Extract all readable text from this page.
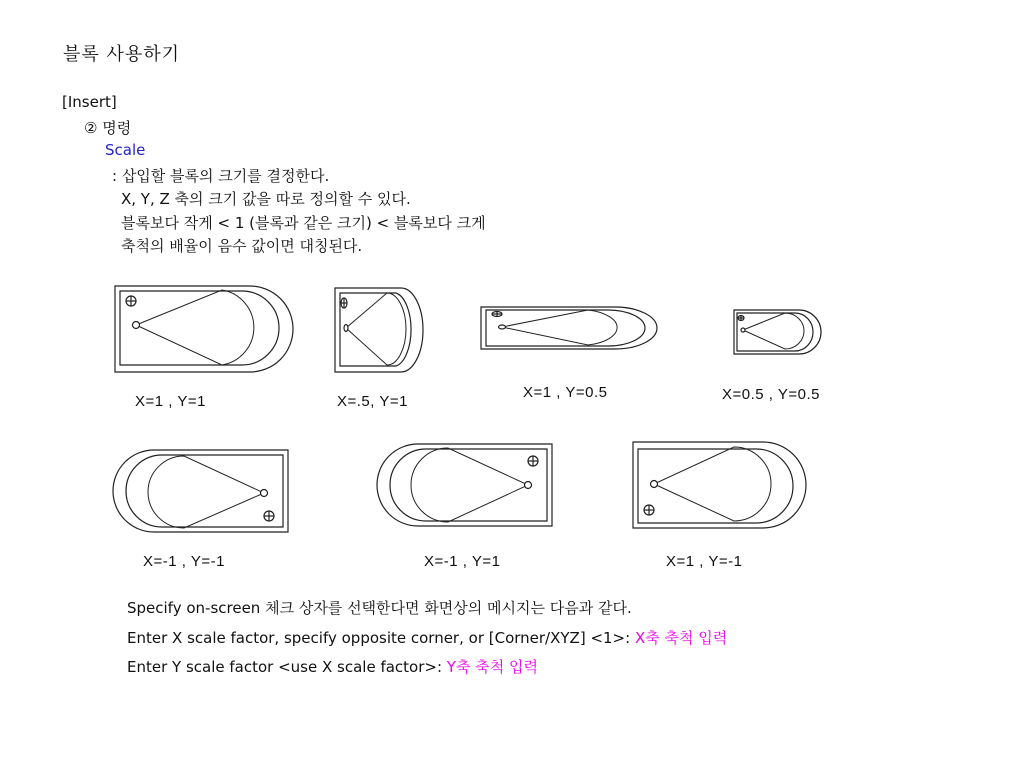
블록 사용하기
[Insert]
② 명령
Scale
: 삽입할 블록의 크기를 결정한다.
X, Y, Z 축의 크기 값을 따로 정의할 수 있다.
블록보다 작게 < 1 (블록과 같은 크기) < 블록보다 크게
축척의 배율이 음수 값이면 대칭된다.
X=1 , Y=1	X=.5, Y=1
X=1 , Y=0.5	X=0.5 , Y=0.5
X=-1 , Y=-1	X=-1 , Y=1	X=1 , Y=-1
Specify on-screen 체크 상자를 선택한다면 화면상의 메시지는 다음과 같다.
Enter X scale factor, specify opposite corner, or [Corner/XYZ] <1>: X축 축척 입력
Enter Y scale factor <use X scale factor>: Y축 축척 입력
